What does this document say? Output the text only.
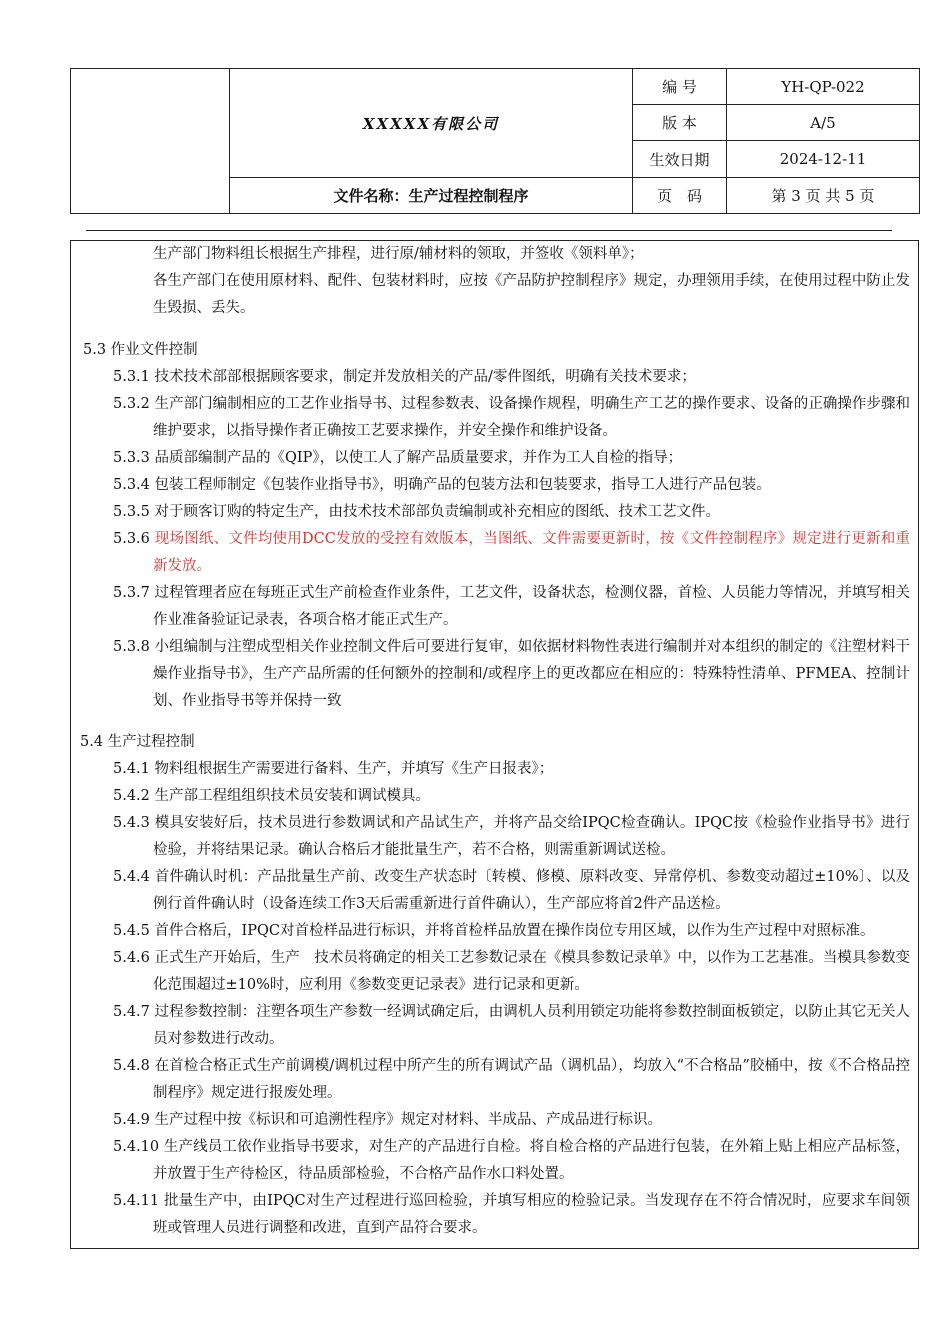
	XXXXX有限公司	编 号	YH-QP-022
		版 本	A/5
		生效日期	2024-12-11
	文件名称：生产过程控制程序	页　码	第 3 页 共 5 页
生产部门物料组长根据生产排程，进行原/辅材料的领取，并签收《领料单》；
各生产部门在使用原材料、配件、包装材料时，应按《产品防护控制程序》规定，办理领用手续，在使用过程中防止发生毁损、丢失。
5.3 作业文件控制
5.3.1 技术技术部部根据顾客要求，制定并发放相关的产品/零件图纸，明确有关技术要求；
5.3.2 生产部门编制相应的工艺作业指导书、过程参数表、设备操作规程，明确生产工艺的操作要求、设备的正确操作步骤和维护要求，以指导操作者正确按工艺要求操作，并安全操作和维护设备。
5.3.3 品质部编制产品的《QIP》，以使工人了解产品质量要求，并作为工人自检的指导；
5.3.4 包装工程师制定《包装作业指导书》，明确产品的包装方法和包装要求，指导工人进行产品包装。
5.3.5 对于顾客订购的特定生产，由技术技术部部负责编制或补充相应的图纸、技术工艺文件。
5.3.6 现场图纸、文件均使用DCC发放的受控有效版本，当图纸、文件需要更新时，按《文件控制程序》规定进行更新和重新发放。
5.3.7 过程管理者应在每班正式生产前检查作业条件，工艺文件，设备状态，检测仪器，首检、人员能力等情况，并填写相关作业准备验证记录表，各项合格才能正式生产。
5.3.8 小组编制与注塑成型相关作业控制文件后可要进行复审，如依据材料物性表进行编制并对本组织的制定的《注塑材料干燥作业指导书》，生产产品所需的任何额外的控制和/或程序上的更改都应在相应的：特殊特性清单、PFMEA、控制计划、作业指导书等并保持一致
5.4 生产过程控制
5.4.1 物料组根据生产需要进行备料、生产，并填写《生产日报表》；
5.4.2 生产部工程组组织技术员安装和调试模具。
5.4.3 模具安装好后，技术员进行参数调试和产品试生产，并将产品交给IPQC检查确认。IPQC按《检验作业指导书》进行检验，并将结果记录。确认合格后才能批量生产，若不合格，则需重新调试送检。
5.4.4 首件确认时机：产品批量生产前、改变生产状态时〔转模、修模、原料改变、异常停机、参数变动超过±10%〕、以及例行首件确认时（设备连续工作3天后需重新进行首件确认），生产部应将首2件产品送检。
5.4.5 首件合格后，IPQC对首检样品进行标识，并将首检样品放置在操作岗位专用区域，以作为生产过程中对照标准。
5.4.6 正式生产开始后，生产　技术员将确定的相关工艺参数记录在《模具参数记录单》中，以作为工艺基准。当模具参数变化范围超过±10%时，应利用《参数变更记录表》进行记录和更新。
5.4.7 过程参数控制：注塑各项生产参数一经调试确定后，由调机人员利用锁定功能将参数控制面板锁定，以防止其它无关人员对参数进行改动。
5.4.8 在首检合格正式生产前调模/调机过程中所产生的所有调试产品（调机品），均放入“不合格品”胶桶中，按《不合格品控制程序》规定进行报废处理。
5.4.9 生产过程中按《标识和可追溯性程序》规定对材料、半成品、产成品进行标识。
5.4.10 生产线员工依作业指导书要求，对生产的产品进行自检。将自检合格的产品进行包装，在外箱上贴上相应产品标签，并放置于生产待检区，待品质部检验，不合格产品作水口料处置。
5.4.11 批量生产中，由IPQC对生产过程进行巡回检验，并填写相应的检验记录。当发现存在不符合情况时，应要求车间领班或管理人员进行调整和改进，直到产品符合要求。
